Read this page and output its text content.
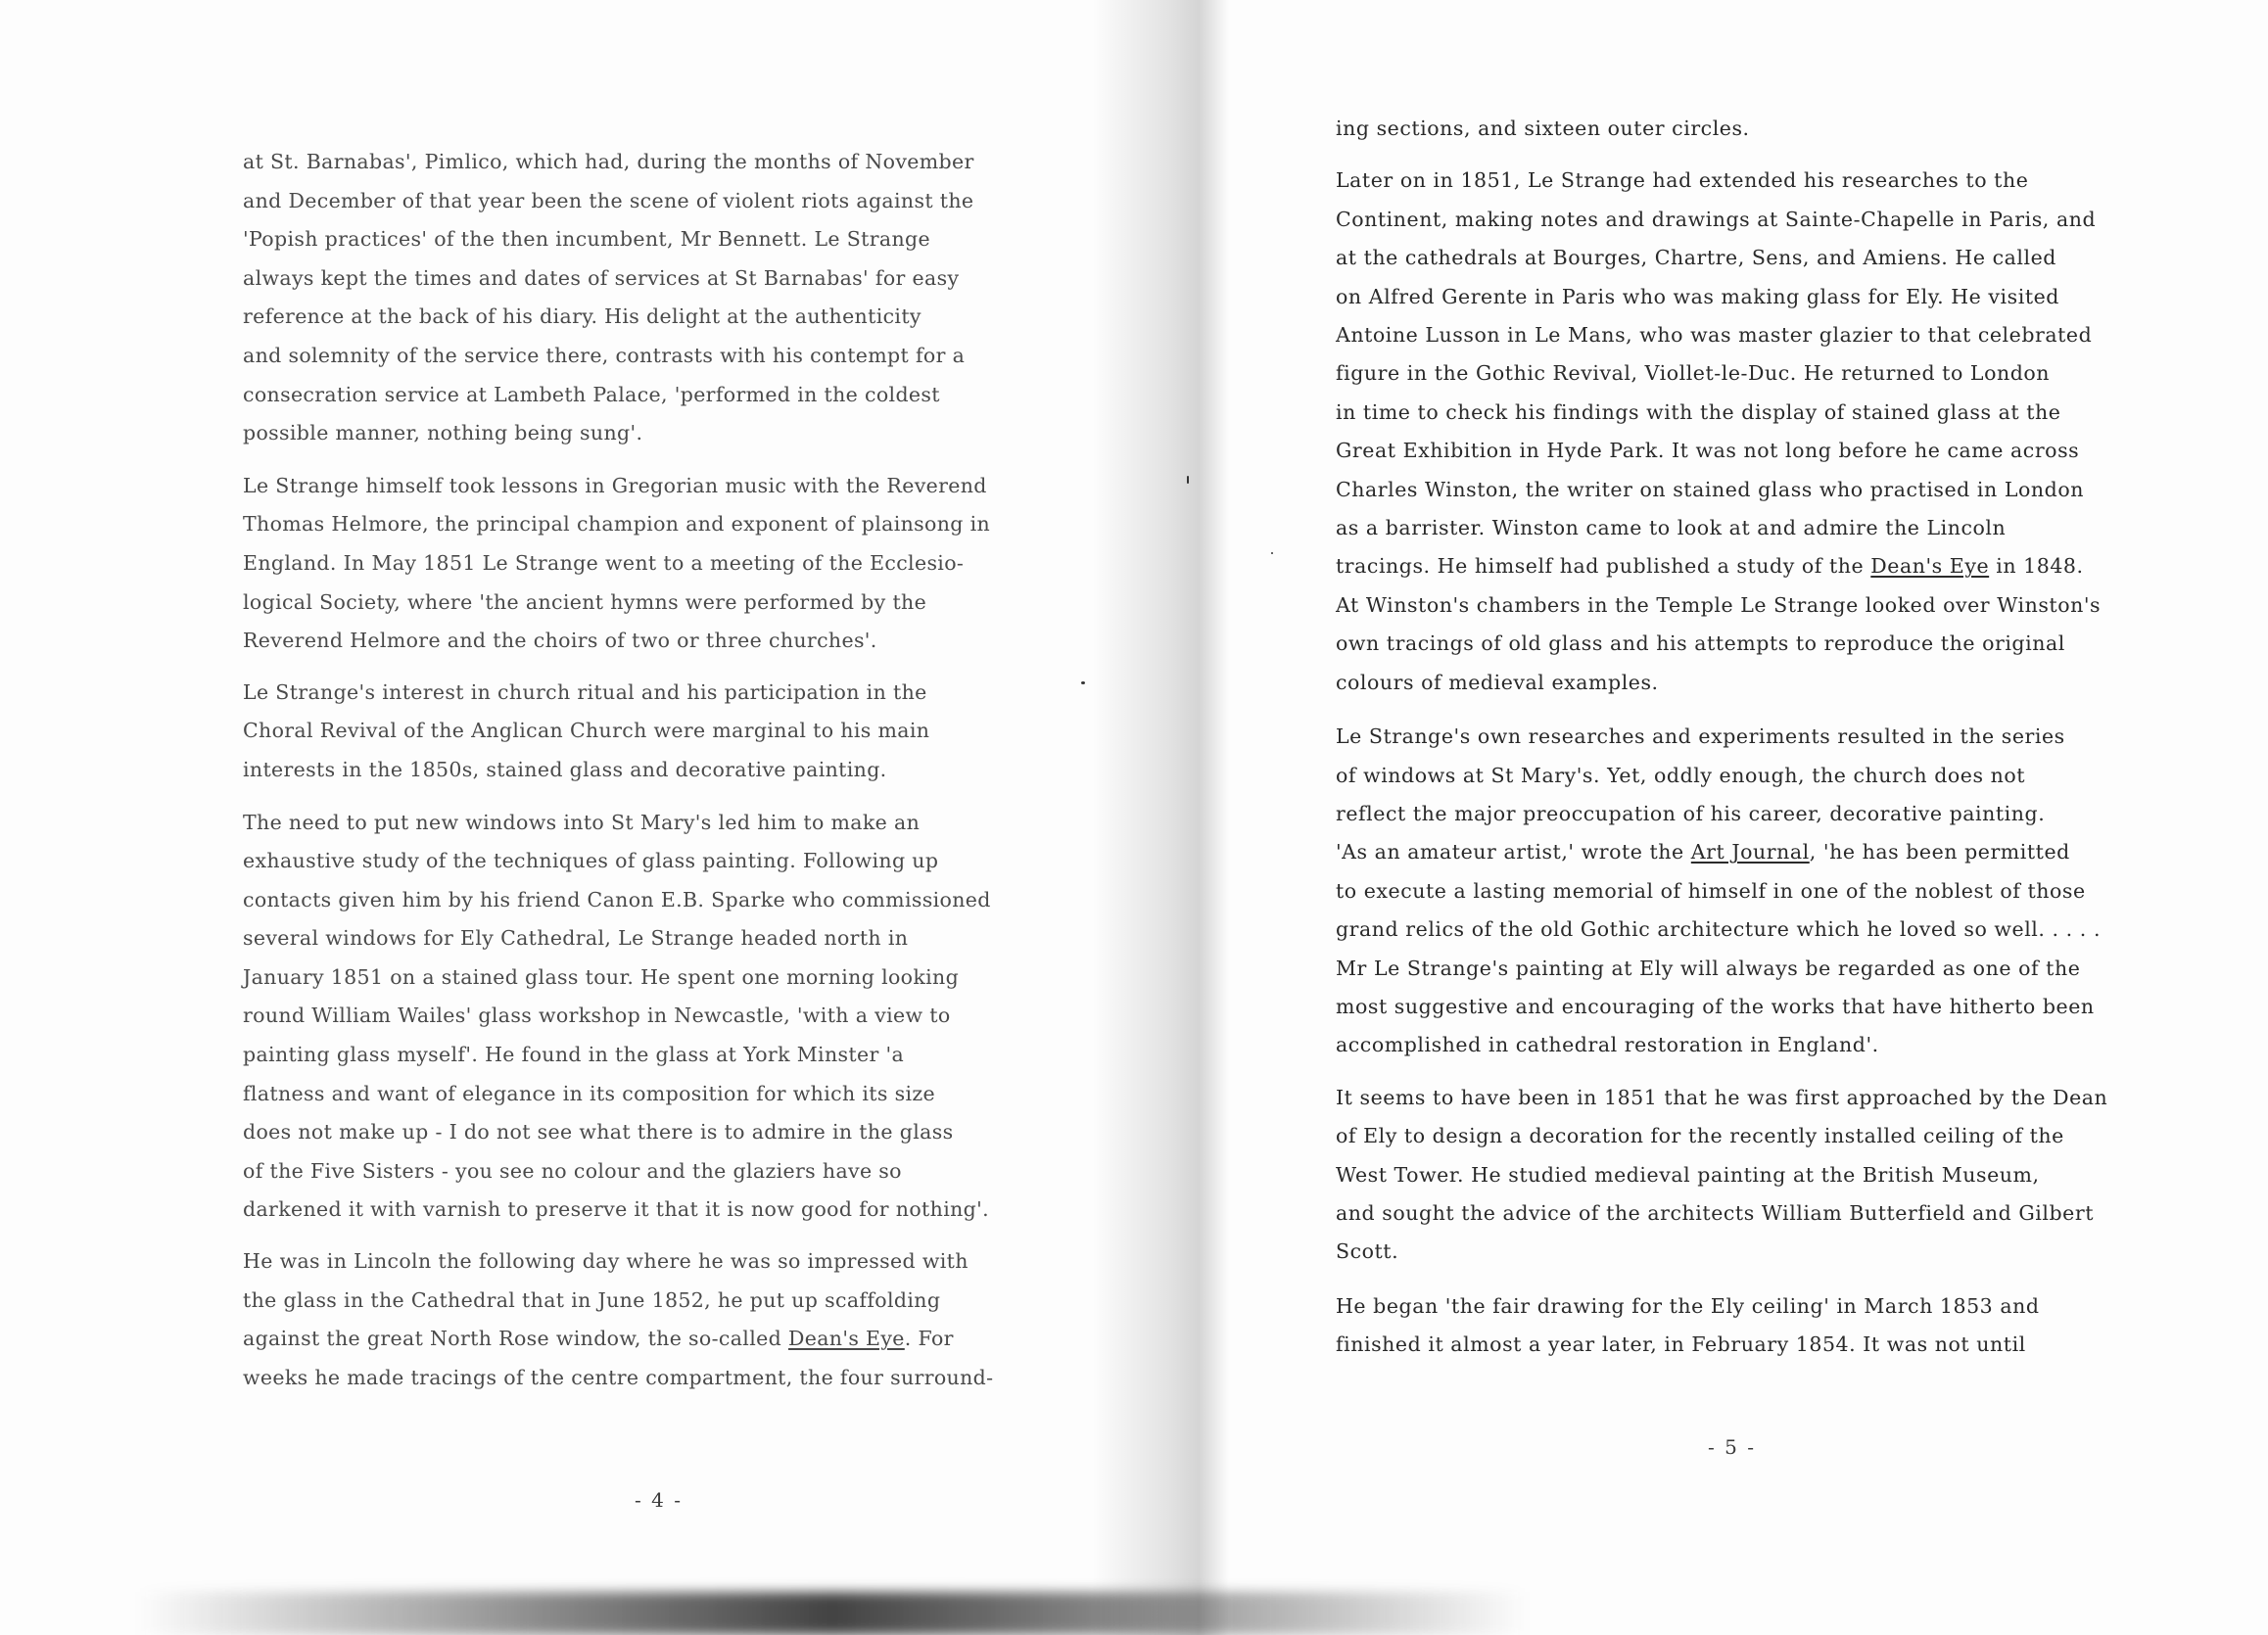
at St. Barnabas', Pimlico, which had, during the months of November
and December of that year been the scene of violent riots against the
'Popish practices' of the then incumbent, Mr Bennett. Le Strange
always kept the times and dates of services at St Barnabas' for easy
reference at the back of his diary. His delight at the authenticity
and solemnity of the service there, contrasts with his contempt for a
consecration service at Lambeth Palace, 'performed in the coldest
possible manner, nothing being sung'.

Le Strange himself took lessons in Gregorian music with the Reverend
Thomas Helmore, the principal champion and exponent of plainsong in
England. In May 1851 Le Strange went to a meeting of the Ecclesio-
logical Society, where 'the ancient hymns were performed by the
Reverend Helmore and the choirs of two or three churches'.

Le Strange's interest in church ritual and his participation in the
Choral Revival of the Anglican Church were marginal to his main
interests in the 1850s, stained glass and decorative painting.

The need to put new windows into St Mary's led him to make an
exhaustive study of the techniques of glass painting. Following up
contacts given him by his friend Canon E.B. Sparke who commissioned
several windows for Ely Cathedral, Le Strange headed north in
January 1851 on a stained glass tour. He spent one morning looking
round William Wailes' glass workshop in Newcastle, 'with a view to
painting glass myself'. He found in the glass at York Minster 'a
flatness and want of elegance in its composition for which its size
does not make up - I do not see what there is to admire in the glass
of the Five Sisters - you see no colour and the glaziers have so
darkened it with varnish to preserve it that it is now good for nothing'.

He was in Lincoln the following day where he was so impressed with
the glass in the Cathedral that in June 1852, he put up scaffolding
against the great North Rose window, the so-called Dean's Eye. For
weeks he made tracings of the centre compartment, the four surround-

- 4 -

ing sections, and sixteen outer circles.

Later on in 1851, Le Strange had extended his researches to the
Continent, making notes and drawings at Sainte-Chapelle in Paris, and
at the cathedrals at Bourges, Chartre, Sens, and Amiens. He called
on Alfred Gerente in Paris who was making glass for Ely. He visited
Antoine Lusson in Le Mans, who was master glazier to that celebrated
figure in the Gothic Revival, Viollet-le-Duc. He returned to London
in time to check his findings with the display of stained glass at the
Great Exhibition in Hyde Park. It was not long before he came across
Charles Winston, the writer on stained glass who practised in London
as a barrister. Winston came to look at and admire the Lincoln
tracings. He himself had published a study of the Dean's Eye in 1848.
At Winston's chambers in the Temple Le Strange looked over Winston's
own tracings of old glass and his attempts to reproduce the original
colours of medieval examples.

Le Strange's own researches and experiments resulted in the series
of windows at St Mary's. Yet, oddly enough, the church does not
reflect the major preoccupation of his career, decorative painting.
'As an amateur artist,' wrote the Art Journal, 'he has been permitted
to execute a lasting memorial of himself in one of the noblest of those
grand relics of the old Gothic architecture which he loved so well. . . . .
Mr Le Strange's painting at Ely will always be regarded as one of the
most suggestive and encouraging of the works that have hitherto been
accomplished in cathedral restoration in England'.

It seems to have been in 1851 that he was first approached by the Dean
of Ely to design a decoration for the recently installed ceiling of the
West Tower. He studied medieval painting at the British Museum,
and sought the advice of the architects William Butterfield and Gilbert
Scott.

He began 'the fair drawing for the Ely ceiling' in March 1853 and
finished it almost a year later, in February 1854. It was not until

- 5 -
